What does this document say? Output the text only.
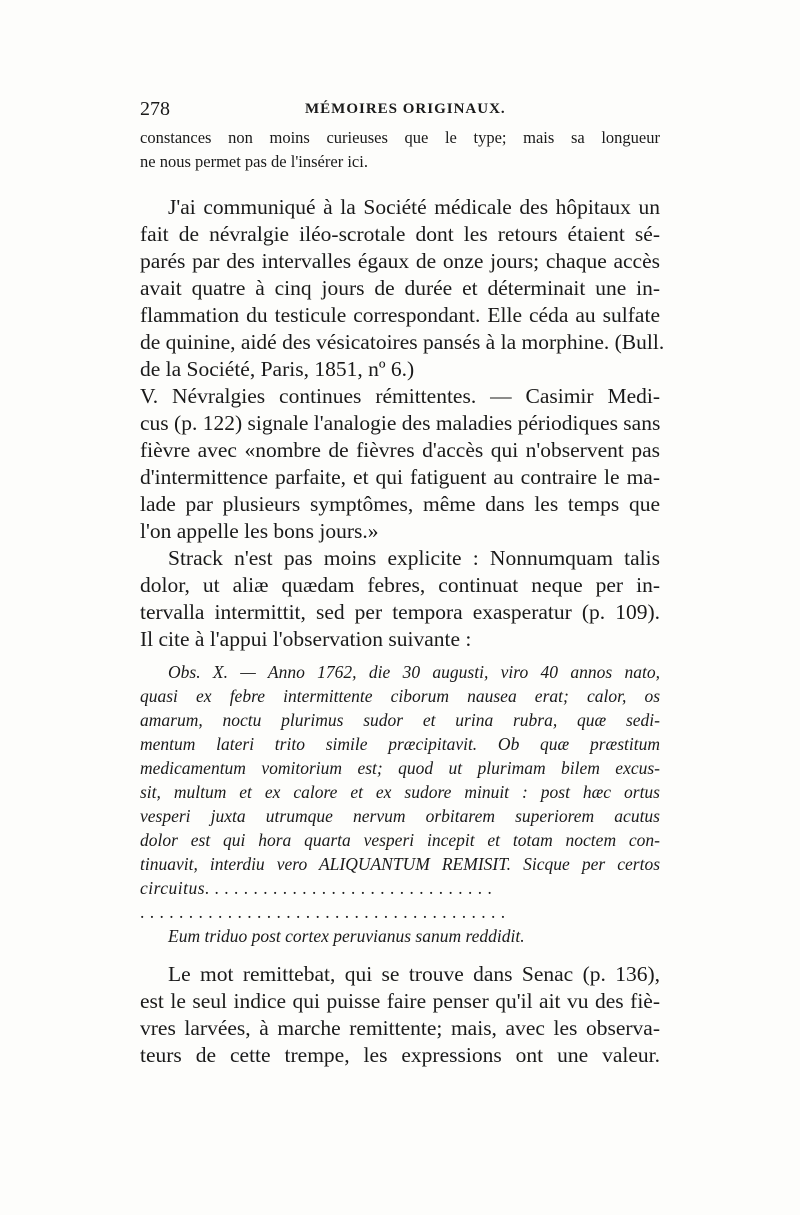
278	MÉMOIRES ORIGINAUX.
constances non moins curieuses que le type; mais sa longueur
ne nous permet pas de l'insérer ici.
J'ai communiqué à la Société médicale des hôpitaux un
fait de névralgie iléo-scrotale dont les retours étaient sé-
parés par des intervalles égaux de onze jours; chaque accès
avait quatre à cinq jours de durée et déterminait une in-
flammation du testicule correspondant. Elle céda au sulfate
de quinine, aidé des vésicatoires pansés à la morphine. (Bull.
de la Société, Paris, 1851, nº 6.)
V. Névralgies continues rémittentes. — Casimir Medi-
cus (p. 122) signale l'analogie des maladies périodiques sans
fièvre avec «nombre de fièvres d'accès qui n'observent pas
d'intermittence parfaite, et qui fatiguent au contraire le ma-
lade par plusieurs symptômes, même dans les temps que
l'on appelle les bons jours.»
Strack n'est pas moins explicite : Nonnumquam talis
dolor, ut aliæ quædam febres, continuat neque per in-
tervalla intermittit, sed per tempora exasperatur (p. 109).
Il cite à l'appui l'observation suivante :
Obs. X. — Anno 1762, die 30 augusti, viro 40 annos nato,
quasi ex febre intermittente ciborum nausea erat; calor, os
amarum, noctu plurimus sudor et urina rubra, quæ sedi-
mentum lateri trito simile præcipitavit. Ob quæ præstitum
medicamentum vomitorium est; quod ut plurimam bilem excus-
sit, multum et ex calore et ex sudore minuit : post hæc ortus
vesperi juxta utrumque nervum orbitarem superiorem acutus
dolor est qui hora quarta vesperi incepit et totam noctem con-
tinuavit, interdiu vero ALIQUANTUM REMISIT. Sicque per certos
circuitus. . . . . . . . . . . . . . . . . . . . . . . . . . . . . .
. . . . . . . . . . . . . . . . . . . . . . . . . . . . . . . . . . . . . .
Eum triduo post cortex peruvianus sanum reddidit.
Le mot remittebat, qui se trouve dans Senac (p. 136),
est le seul indice qui puisse faire penser qu'il ait vu des fiè-
vres larvées, à marche remittente; mais, avec les observa-
teurs de cette trempe, les expressions ont une valeur.
